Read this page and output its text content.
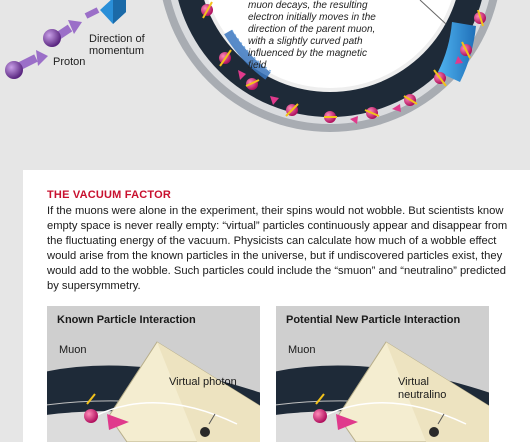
Direction of momentum
Proton
muon decays, the resulting electron initially moves in the direction of the parent muon, with a slightly curved path influenced by the magnetic field
THE VACUUM FACTOR
If the muons were alone in the experiment, their spins would not wobble. But scientists know empty space is never really empty: “virtual” particles continuously appear and disappear from the fluctuating energy of the vacuum. Physicists can calculate how much of a wobble effect would arise from the known particles in the universe, but if undiscovered particles exist, they would add to the wobble. Such particles could include the “smuon” and “neutralino” predicted by supersymmetry.
Known Particle Interaction
Muon
Virtual photon
Potential New Particle Interaction
Muon
Virtual neutralino
